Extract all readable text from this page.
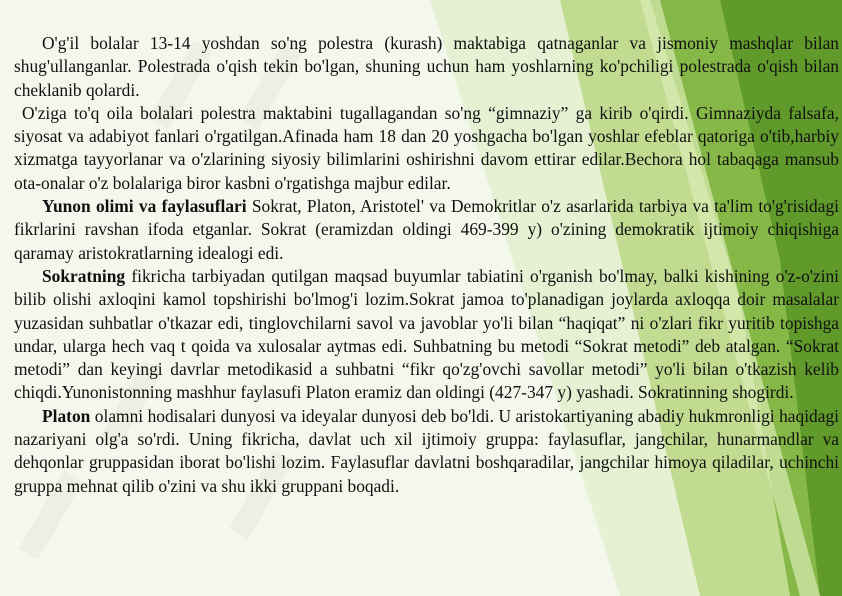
O'g'il bolalar 13-14 yoshdan so'ng polestra (kurash) maktabiga qatnaganlar va jismoniy mashqlar bilan shug'ullanganlar. Polestrada o'qish tekin bo'lgan, shuning uchun ham yoshlarning ko'pchiligi polestrada o'qish bilan cheklanib qolardi.

O'ziga to'q oila bolalari polestra maktabini tugallagandan so'ng “gimnaziy” ga kirib o'qirdi. Gimnaziyda falsafa, siyosat va adabiyot fanlari o'rgatilgan.Afinada ham 18 dan 20 yoshgacha bo'lgan yoshlar efeblar qatoriga o'tib,harbiy xizmatga tayyorlanar va o'zlarining siyosiy bilimlarini oshirishni davom ettirar edilar.Bechora hol tabaqaga mansub ota-onalar o'z bolalariga biror kasbni o'rgatishga majbur edilar.

Yunon olimi va faylasuflari Sokrat, Platon, Aristotel' va Demokritlar o'z asarlarida tarbiya va ta'lim to'g'risidagi fikrlarini ravshan ifoda etganlar. Sokrat (eramizdan oldingi 469-399 y) o'zining demokratik ijtimoiy chiqishiga qaramay aristokratlarning idealogi edi.

Sokratning fikricha tarbiyadan qutilgan maqsad buyumlar tabiatini o'rganish bo'lmay, balki kishining o'z-o'zini bilib olishi axloqini kamol topshirishi bo'lmog'i lozim.Sokrat jamoa to'planadigan joylarda axloqqa doir masalalar yuzasidan suhbatlar o'tkazar edi, tinglovchilarni savol va javoblar yo'li bilan “haqiqat” ni o'zlari fikr yuritib topishga undar, ularga hech vaq t qoida va xulosalar aytmas edi. Suhbatning bu metodi “Sokrat metodi” deb atalgan. “Sokrat metodi” dan keyingi davrlar metodikasid a suhbatni “fikr qo'zg'ovchi savollar metodi” yo'li bilan o'tkazish kelib chiqdi.Yunonistonning mashhur faylasufi Platon eramiz dan oldingi (427-347 y) yashadi. Sokratinning shogirdi.

Platon olamni hodisalari dunyosi va ideyalar dunyosi deb bo'ldi. U aristokartiyaning abadiy hukmronligi haqidagi nazariyani olg'a so'rdi. Uning fikricha, davlat uch xil ijtimoiy gruppa: faylasuflar, jangchilar, hunarmandlar va dehqonlar gruppasidan iborat bo'lishi lozim. Faylasuflar davlatni boshqaradilar, jangchilar himoya qiladilar, uchinchi gruppa mehnat qilib o'zini va shu ikki gruppani boqadi.
